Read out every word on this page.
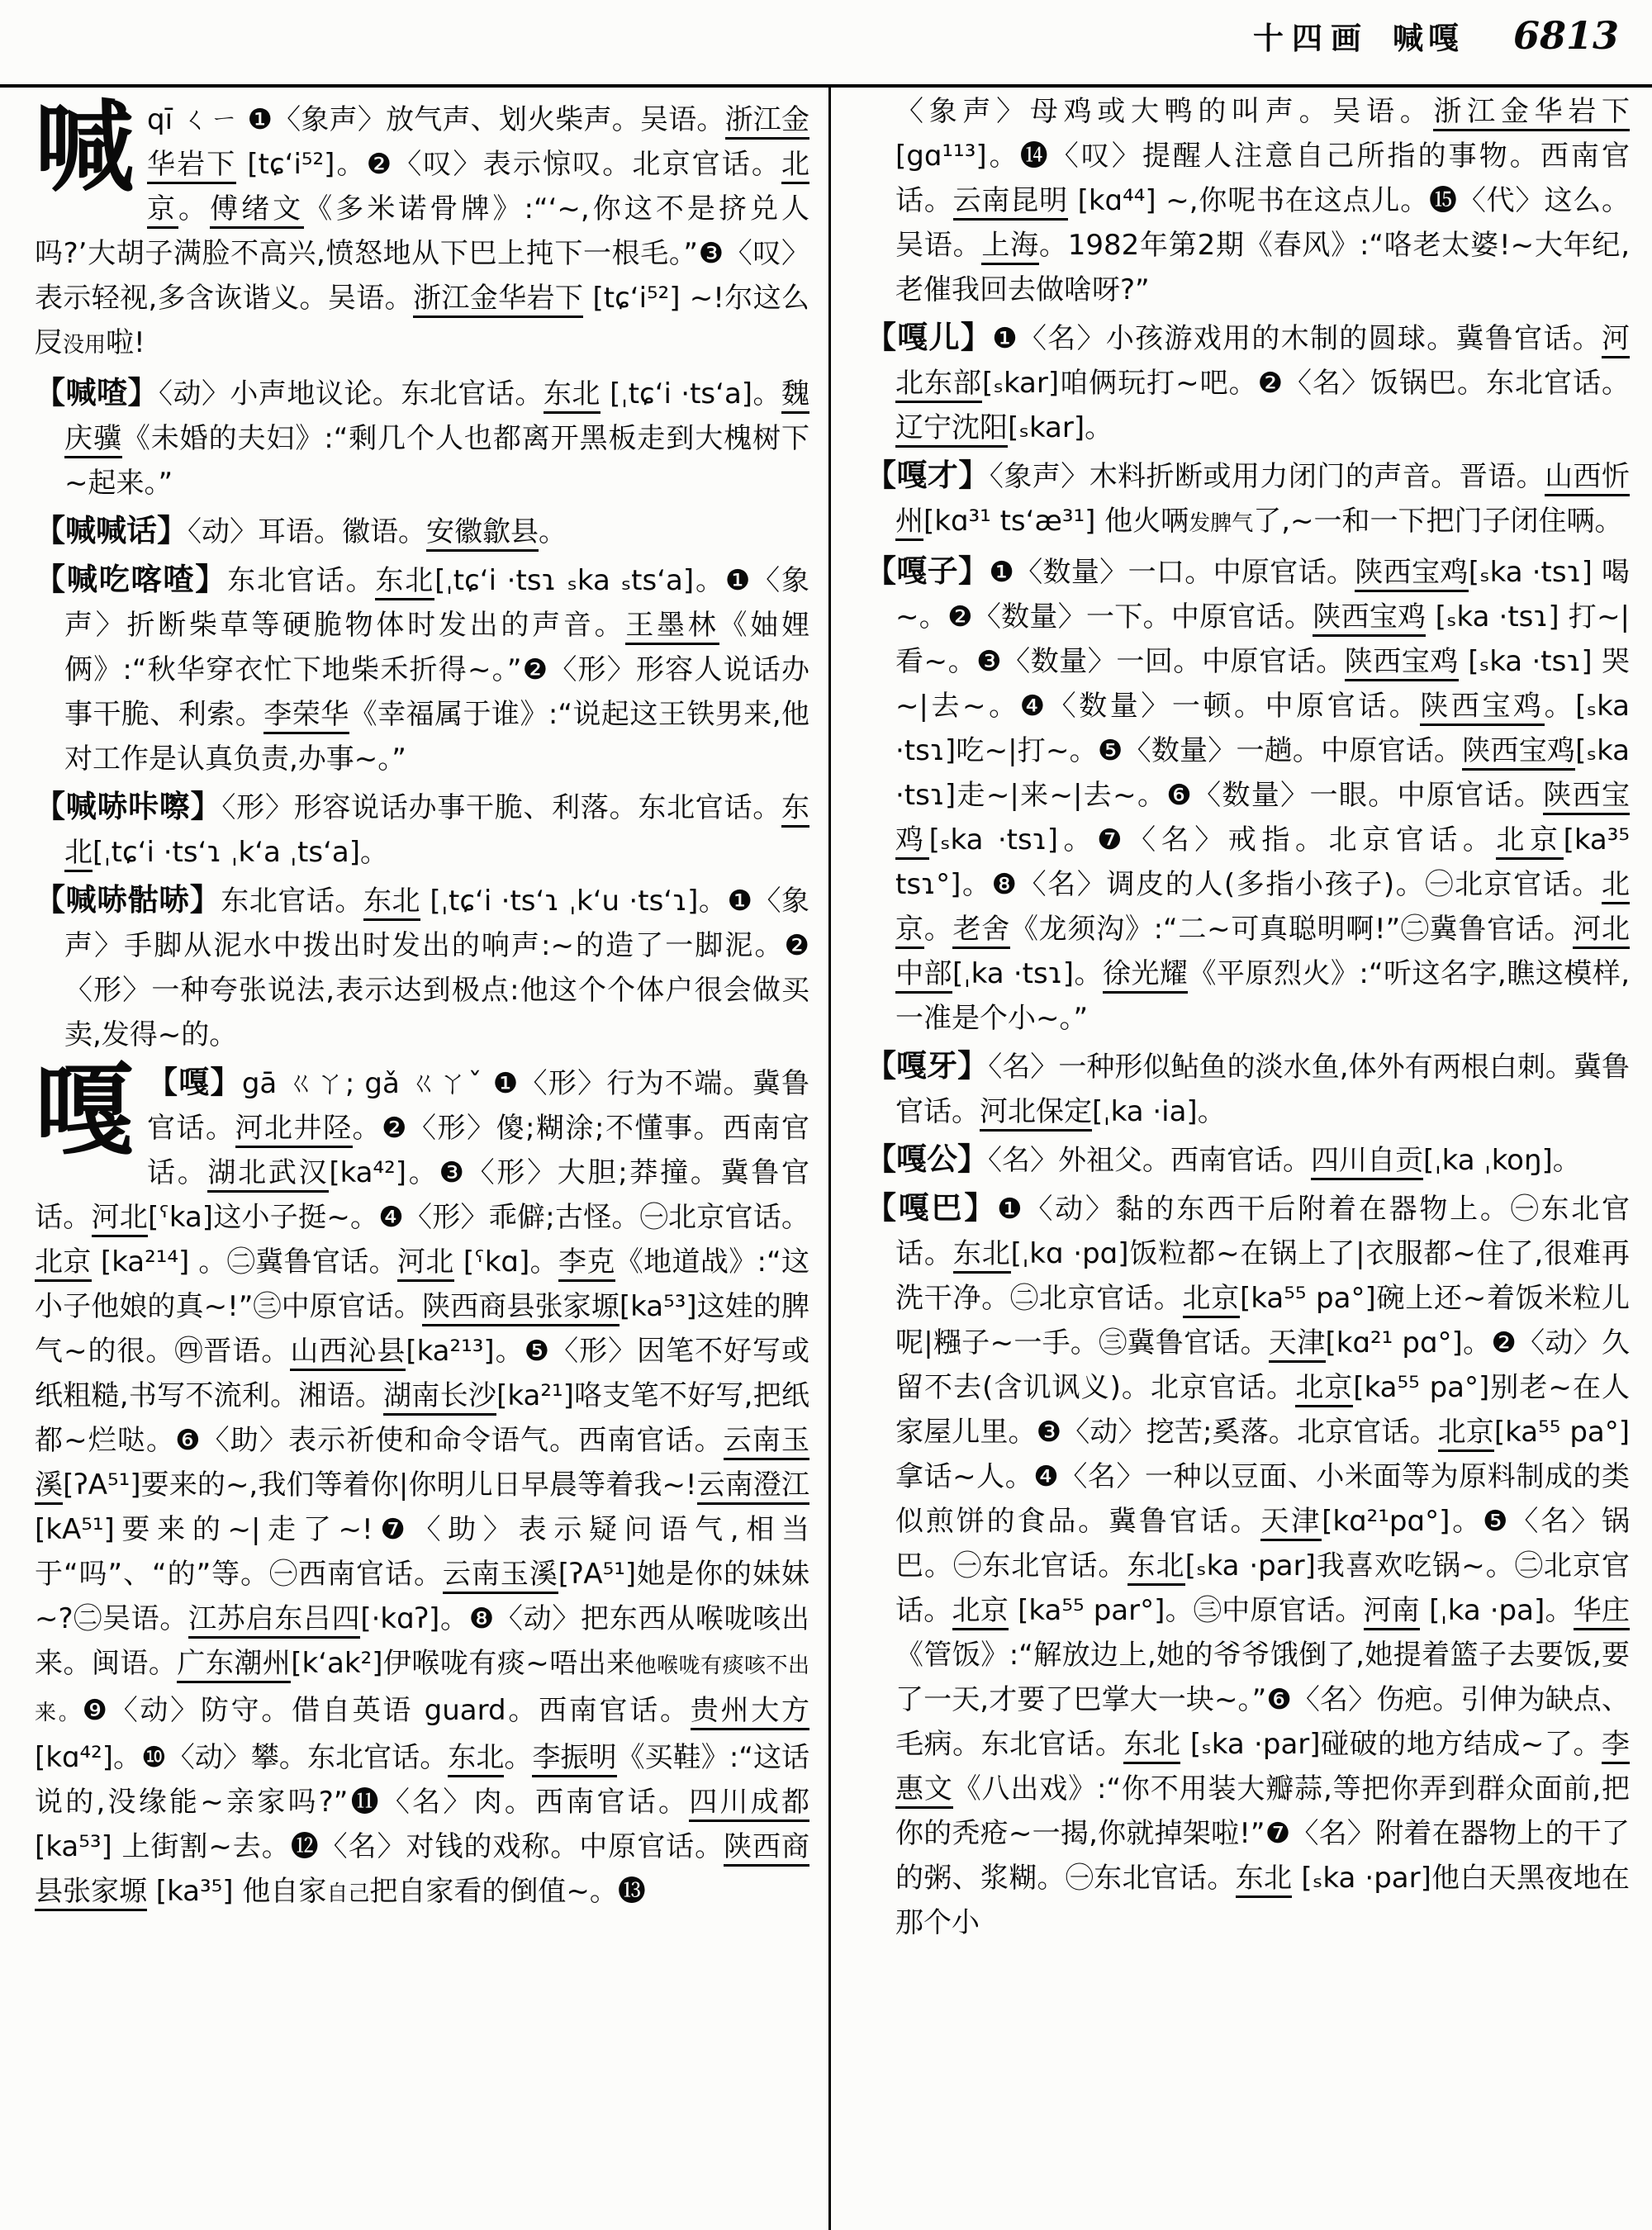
十四画 喊嘎 6813

喊qī ㄑㄧ ❶〈象声〉放气声、划火柴声。吴语。浙江金华岩下 [tɕʻi⁵²]。❷〈叹〉表示惊叹。北京官话。北京。傅绪文《多米诺骨牌》:“‘~,你这不是挤兑人吗?’大胡子满脸不高兴,愤怒地从下巴上扽下一根毛。”❸〈叹〉表示轻视,多含诙谐义。吴语。浙江金华岩下 [tɕʻi⁵²] ~!尔这么㞋没用啦!

【喊喳】〈动〉小声地议论。东北官话。东北 [ˌtɕʻi ·tsʻa]。魏庆骥《未婚的夫妇》:“剩几个人也都离开黑板走到大槐树下~起来。”

【喊喊话】〈动〉耳语。徽语。安徽歙县。

【喊吃喀喳】东北官话。东北[ˌtɕʻi ·tsɿ ₛka ₛtsʻa]。❶〈象声〉折断柴草等硬脆物体时发出的声音。王墨林《妯娌俩》:“秋华穿衣忙下地柴禾折得~。”❷〈形〉形容人说话办事干脆、利索。李荣华《幸福属于谁》:“说起这王铁男来,他对工作是认真负责,办事~。”

【喊哧咔嚓】〈形〉形容说话办事干脆、利落。东北官话。东北[ˌtɕʻi ·tsʻɿ ˌkʻa ˌtsʻa]。

【喊哧骷哧】东北官话。东北 [ˌtɕʻi ·tsʻɿ ˌkʻu ·tsʻɿ]。❶〈象声〉手脚从泥水中拨出时发出的响声:~的造了一脚泥。❷〈形〉一种夸张说法,表示达到极点:他这个个体户很会做买卖,发得~的。

嘎 【嘎】gā ㄍㄚ; gǎ ㄍㄚˇ ❶〈形〉行为不端。冀鲁官话。河北井陉。❷〈形〉傻;糊涂;不懂事。西南官话。湖北武汉[ka⁴²]。❸〈形〉大胆;莽撞。冀鲁官话。河北[ˤka]这小子挺~。❹〈形〉乖僻;古怪。㊀北京官话。北京 [ka²¹⁴] 。㊁冀鲁官话。河北 [ˤkɑ]。李克《地道战》:“这小子他娘的真~!”㊂中原官话。陕西商县张家塬[ka⁵³]这娃的脾气~的很。㊃晋语。山西沁县[ka²¹³]。❺〈形〉因笔不好写或纸粗糙,书写不流利。湘语。湖南长沙[ka²¹]咯支笔不好写,把纸都~烂哒。❻〈助〉表示祈使和命令语气。西南官话。云南玉溪[ʔA⁵¹]要来的~,我们等着你|你明儿日早晨等着我~!云南澄江[kA⁵¹]要来的~|走了~!❼〈助〉表示疑问语气,相当于“吗”、“的”等。㊀西南官话。云南玉溪[ʔA⁵¹]她是你的妹妹~?㊁吴语。江苏启东吕四[·kɑʔ]。❽〈动〉把东西从喉咙咳出来。闽语。广东潮州[kʻak²]伊喉咙有痰~唔出来他喉咙有痰咳不出来。❾〈动〉防守。借自英语 guard。西南官话。贵州大方 [kɑ⁴²]。❿〈动〉攀。东北官话。东北。李振明《买鞋》:“这话说的,没缘能~亲家吗?”⓫〈名〉肉。西南官话。四川成都 [ka⁵³] 上街割~去。⓬〈名〉对钱的戏称。中原官话。陕西商县张家塬 [ka³⁵] 他自家自己把自家看的倒值~。⓭

〈象声〉母鸡或大鸭的叫声。吴语。浙江金华岩下[gɑ¹¹³]。⓮〈叹〉提醒人注意自己所指的事物。西南官话。云南昆明 [kɑ⁴⁴] ~,你呢书在这点儿。⓯〈代〉这么。吴语。上海。1982年第2期《春风》:“咯老太婆!~大年纪,老催我回去做啥呀?”

【嘎儿】❶〈名〉小孩游戏用的木制的圆球。冀鲁官话。河北东部[ₛkar]咱俩玩打~吧。❷〈名〉饭锅巴。东北官话。辽宁沈阳[ₛkar]。

【嘎才】〈象声〉木料折断或用力闭门的声音。晋语。山西忻州[kɑ³¹ tsʻæ³¹] 他火唡发脾气了,~一和一下把门子闭住唡。

【嘎子】❶〈数量〉一口。中原官话。陕西宝鸡[ₛka ·tsɿ] 喝~。❷〈数量〉一下。中原官话。陕西宝鸡 [ₛka ·tsɿ] 打~|看~。❸〈数量〉一回。中原官话。陕西宝鸡 [ₛka ·tsɿ] 哭~|去~。❹〈数量〉一顿。中原官话。陕西宝鸡。[ₛka ·tsɿ]吃~|打~。❺〈数量〉一趟。中原官话。陕西宝鸡[ₛka ·tsɿ]走~|来~|去~。❻〈数量〉一眼。中原官话。陕西宝鸡[ₛka ·tsɿ]。❼〈名〉戒指。北京官话。北京[ka³⁵ tsɿ°]。❽〈名〉调皮的人(多指小孩子)。㊀北京官话。北京。老舍《龙须沟》:“二~可真聪明啊!”㊁冀鲁官话。河北中部[ˌka ·tsɿ]。徐光耀《平原烈火》:“听这名字,瞧这模样,一准是个小~。”

【嘎牙】〈名〉一种形似鲇鱼的淡水鱼,体外有两根白刺。冀鲁官话。河北保定[ˌka ·ia]。

【嘎公】〈名〉外祖父。西南官话。四川自贡[ˌka ˌkoŋ]。

【嘎巴】❶〈动〉黏的东西干后附着在器物上。㊀东北官话。东北[ˌkɑ ·pɑ]饭粒都~在锅上了|衣服都~住了,很难再洗干净。㊁北京官话。北京[ka⁵⁵ pa°]碗上还~着饭米粒儿呢|糨子~一手。㊂冀鲁官话。天津[kɑ²¹ pɑ°]。❷〈动〉久留不去(含讥讽义)。北京官话。北京[ka⁵⁵ pa°]别老~在人家屋儿里。❸〈动〉挖苦;奚落。北京官话。北京[ka⁵⁵ pa°]拿话~人。❹〈名〉一种以豆面、小米面等为原料制成的类似煎饼的食品。冀鲁官话。天津[kɑ²¹pɑ°]。❺〈名〉锅巴。㊀东北官话。东北[ₛka ·par]我喜欢吃锅~。㊁北京官话。北京 [ka⁵⁵ par°]。㊂中原官话。河南 [ˌka ·pa]。华庄《管饭》:“解放边上,她的爷爷饿倒了,她提着篮子去要饭,要了一天,才要了巴掌大一块~。”❻〈名〉伤疤。引伸为缺点、毛病。东北官话。东北 [ₛka ·par]碰破的地方结成~了。李惠文《八出戏》:“你不用装大瓣蒜,等把你弄到群众面前,把你的秃疮~一揭,你就掉架啦!”❼〈名〉附着在器物上的干了的粥、浆糊。㊀东北官话。东北 [ₛka ·par]他白天黑夜地在那个小
